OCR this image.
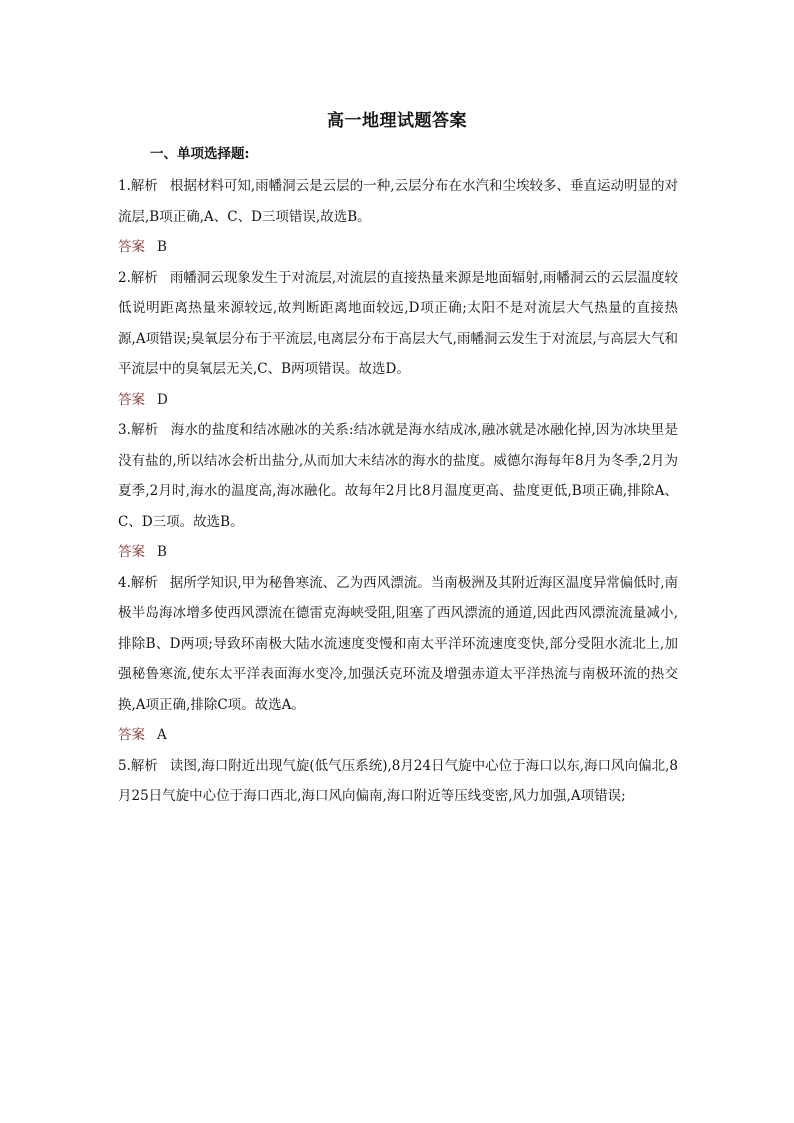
高一地理试题答案
一、单项选择题:

1.解析 根据材料可知,雨幡洞云是云层的一种,云层分布在水汽和尘埃较多、垂直运动明显的对流层,B项正确,A、C、D三项错误,故选B。

答案 B

2.解析 雨幡洞云现象发生于对流层,对流层的直接热量来源是地面辐射,雨幡洞云的云层温度较低说明距离热量来源较远,故判断距离地面较远,D项正确;太阳不是对流层大气热量的直接热源,A项错误;臭氧层分布于平流层,电离层分布于高层大气,雨幡洞云发生于对流层,与高层大气和平流层中的臭氧层无关,C、B两项错误。故选D。

答案 D

3.解析 海水的盐度和结冰融冰的关系:结冰就是海水结成冰,融冰就是冰融化掉,因为冰块里是没有盐的,所以结冰会析出盐分,从而加大未结冰的海水的盐度。威德尔海每年8月为冬季,2月为夏季,2月时,海水的温度高,海冰融化。故每年2月比8月温度更高、盐度更低,B项正确,排除A、C、D三项。故选B。

答案 B

4.解析 据所学知识,甲为秘鲁寒流、乙为西风漂流。当南极洲及其附近海区温度异常偏低时,南极半岛海冰增多使西风漂流在德雷克海峡受阻,阻塞了西风漂流的通道,因此西风漂流流量减小,排除B、D两项;导致环南极大陆水流速度变慢和南太平洋环流速度变快,部分受阻水流北上,加强秘鲁寒流,使东太平洋表面海水变冷,加强沃克环流及增强赤道太平洋热流与南极环流的热交换,A项正确,排除C项。故选A。

答案 A

5.解析 读图,海口附近出现气旋(低气压系统),8月24日气旋中心位于海口以东,海口风向偏北,8月25日气旋中心位于海口西北,海口风向偏南,海口附近等压线变密,风力加强,A项错误;
